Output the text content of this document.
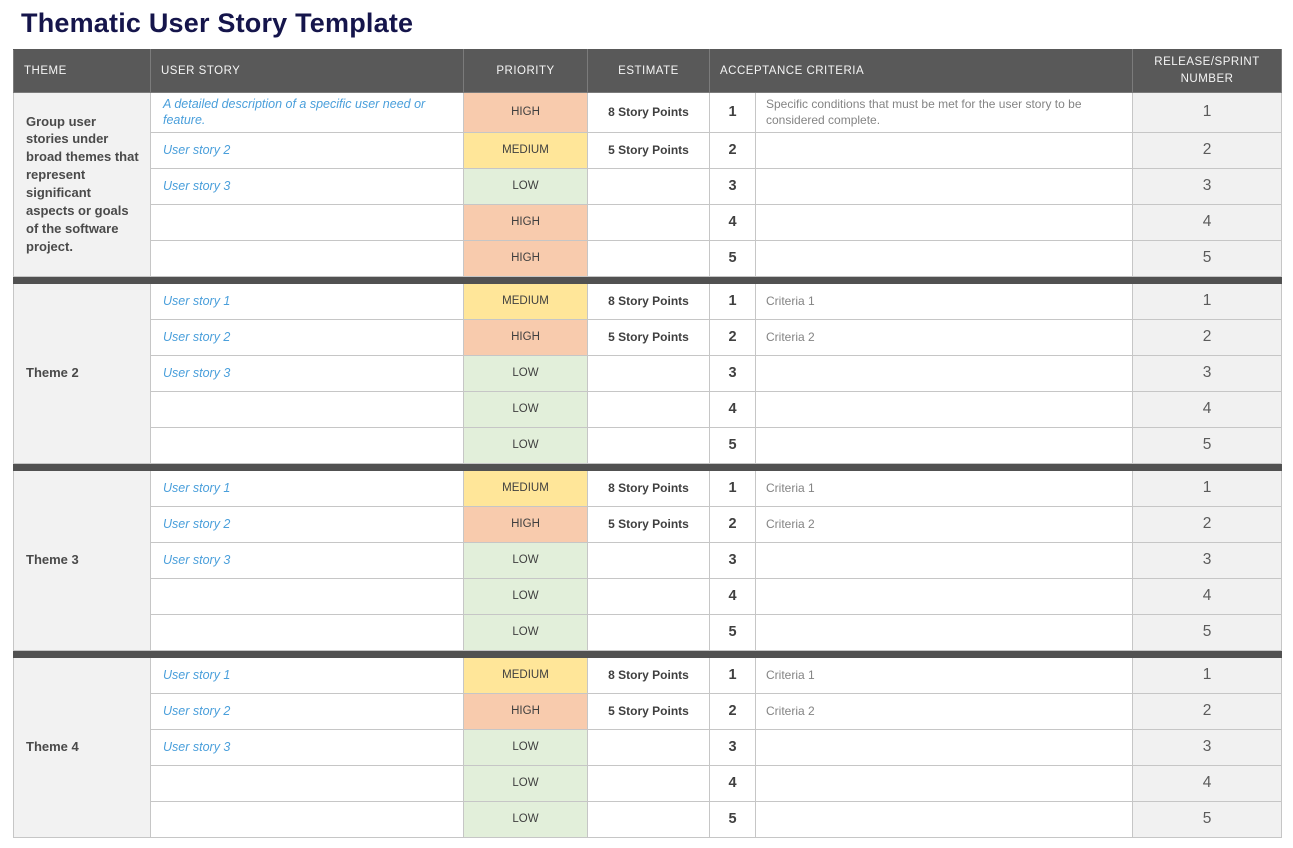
Thematic User Story Template
THEME	USER STORY	PRIORITY	ESTIMATE	ACCEPTANCE CRITERIA		RELEASE/SPRINT NUMBER
Group user stories under broad themes that represent significant aspects or goals of the software project.	A detailed description of a specific user need or feature.	HIGH	8 Story Points	1	Specific conditions that must be met for the user story to be considered complete.	1
	User story 2	MEDIUM	5 Story Points	2		2
	User story 3	LOW		3		3
		HIGH		4		4
		HIGH		5		5

Theme 2	User story 1	MEDIUM	8 Story Points	1	Criteria 1	1
	User story 2	HIGH	5 Story Points	2	Criteria 2	2
	User story 3	LOW		3		3
		LOW		4		4
		LOW		5		5

Theme 3	User story 1	MEDIUM	8 Story Points	1	Criteria 1	1
	User story 2	HIGH	5 Story Points	2	Criteria 2	2
	User story 3	LOW		3		3
		LOW		4		4
		LOW		5		5

Theme 4	User story 1	MEDIUM	8 Story Points	1	Criteria 1	1
	User story 2	HIGH	5 Story Points	2	Criteria 2	2
	User story 3	LOW		3		3
		LOW		4		4
		LOW		5		5
